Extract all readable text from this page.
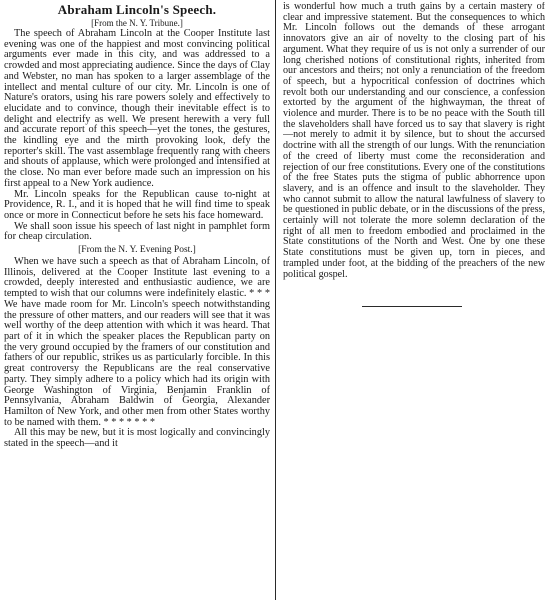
Abraham Lincoln's Speech.
[From the N. Y. Tribune.]

The speech of Abraham Lincoln at the Cooper Institute last evening was one of the happiest and most convincing political arguments ever made in this city, and was addressed to a crowded and most appreciating audience. Since the days of Clay and Webster, no man has spoken to a larger assemblage of the intellect and mental culture of our city. Mr. Lincoln is one of Nature's orators, using his rare powers solely and effectively to elucidate and to convince, though their inevitable effect is to delight and electrify as well. We present herewith a very full and accurate report of this speech—yet the tones, the gestures, the kindling eye and the mirth provoking look, defy the reporter's skill. The vast assemblage frequently rang with cheers and shouts of applause, which were prolonged and intensified at the close. No man ever before made such an impression on his first appeal to a New York audience.

Mr. Lincoln speaks for the Republican cause to-night at Providence, R. I., and it is hoped that he will find time to speak once or more in Connecticut before he sets his face homeward.

We shall soon issue his speech of last night in pamphlet form for cheap circulation.

[From the N. Y. Evening Post.]

When we have such a speech as that of Abraham Lincoln, of Illinois, delivered at the Cooper Institute last evening to a crowded, deeply interested and enthusiastic audience, we are tempted to wish that our columns were indefinitely elastic. * * * We have made room for Mr. Lincoln's speech notwithstanding the pressure of other matters, and our readers will see that it was well worthy of the deep attention with which it was heard. That part of it in which the speaker places the Republican party on the very ground occupied by the framers of our constitution and fathers of our republic, strikes us as particularly forcible. In this great controversy the Republicans are the real conservative party. They simply adhere to a policy which had its origin with George Washington of Virginia, Benjamin Franklin of Pennsylvania, Abraham Baldwin of Georgia, Alexander Hamilton of New York, and other men from other States worthy to be named with them. * * * * * * *

All this may be new, but it is most logically and convincingly stated in the speech—and it

is wonderful how much a truth gains by a certain mastery of clear and impressive statement. But the consequences to which Mr. Lincoln follows out the demands of these arrogant innovators give an air of novelty to the closing part of his argument. What they require of us is not only a surrender of our long cherished notions of constitutional rights, inherited from our ancestors and theirs; not only a renunciation of the freedom of speech, but a hypocritical confession of doctrines which revolt both our understanding and our conscience, a confession extorted by the argument of the highwayman, the threat of violence and murder. There is to be no peace with the South till the slaveholders shall have forced us to say that slavery is right—not merely to admit it by silence, but to shout the accursed doctrine with all the strength of our lungs. With the renunciation of the creed of liberty must come the reconsideration and rejection of our free constitutions. Every one of the constitutions of the free States puts the stigma of public abhorrence upon slavery, and is an offence and insult to the slaveholder. They who cannot submit to allow the natural lawfulness of slavery to be questioned in public debate, or in the discussions of the press, certainly will not tolerate the more solemn declaration of the right of all men to freedom embodied and proclaimed in the State constitutions of the North and West. One by one these State constitutions must be given up, torn in pieces, and trampled under foot, at the bidding of the preachers of the new political gospel.
